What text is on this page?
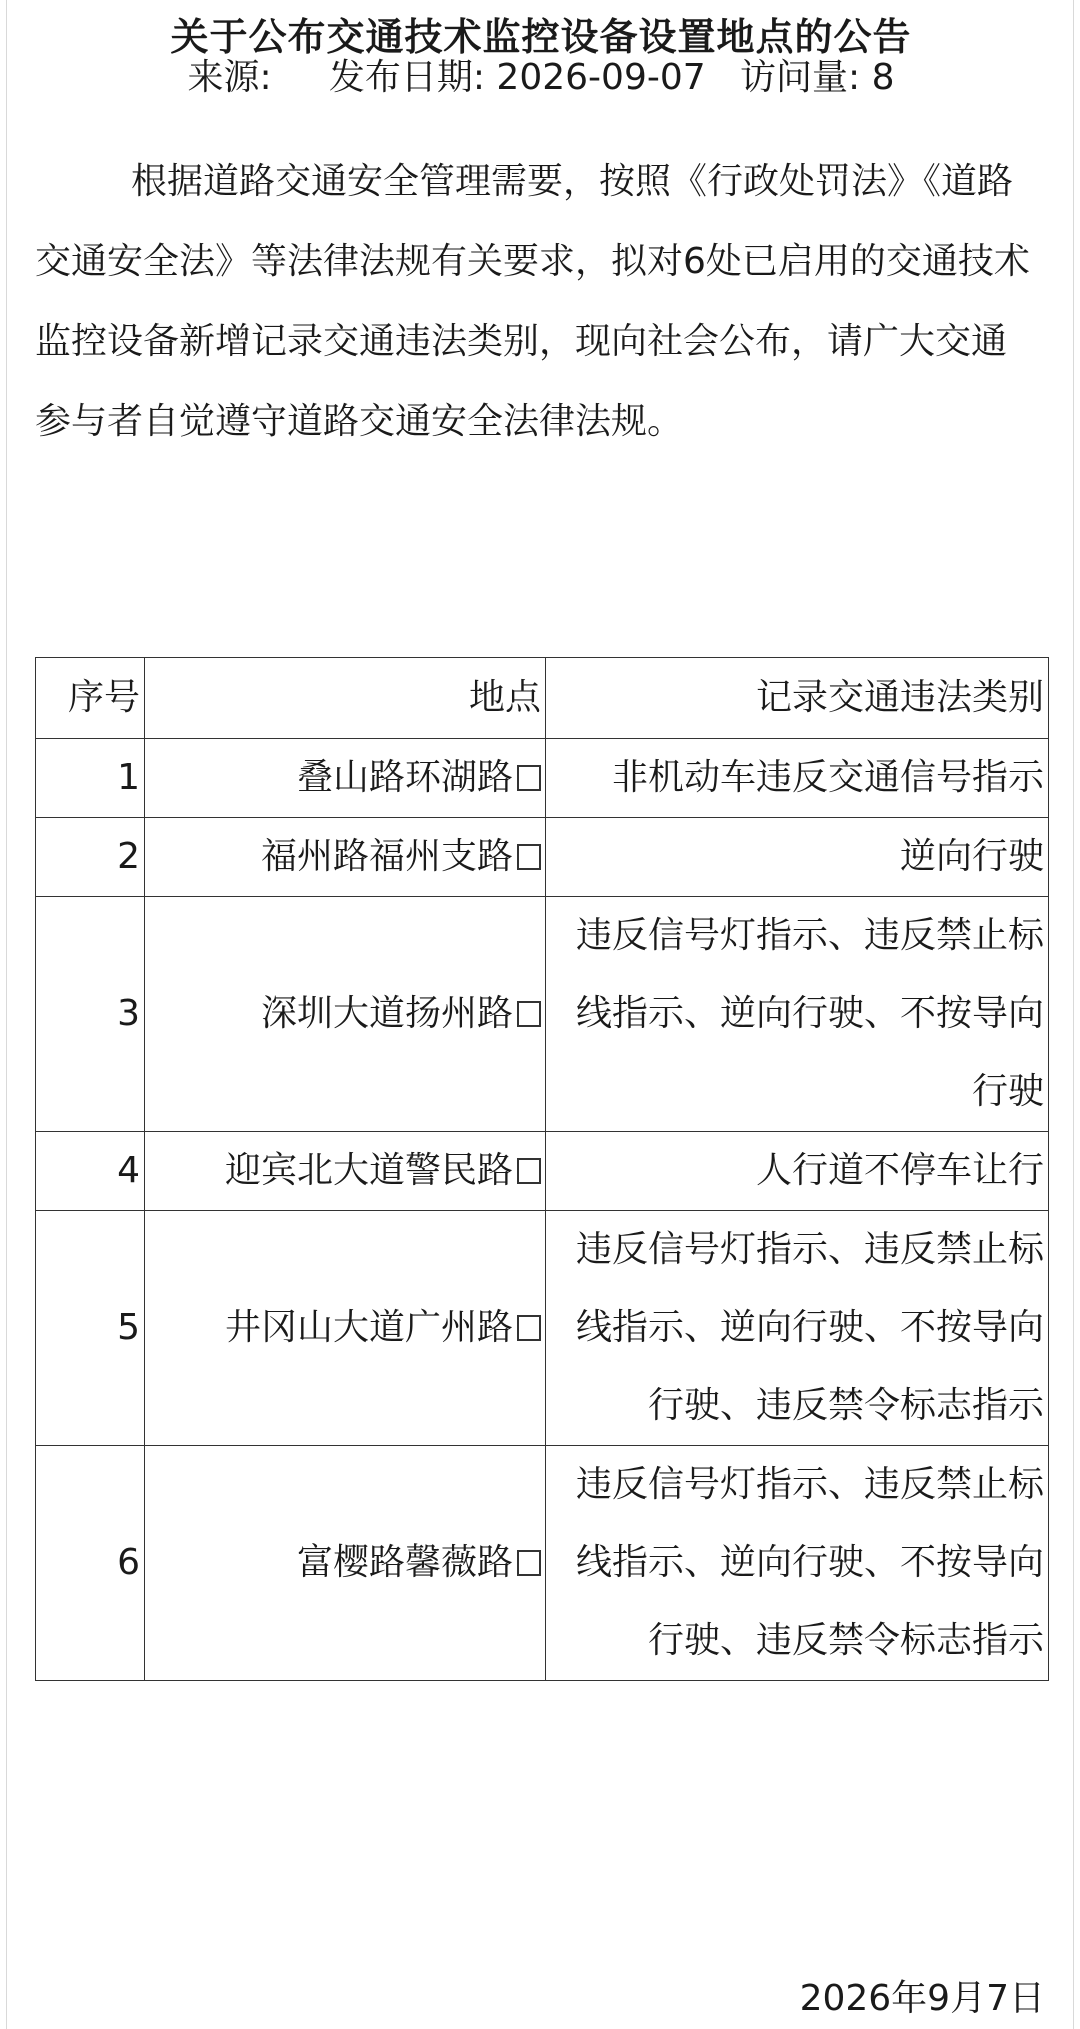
关于公布交通技术监控设备设置地点的公告
来源: 发布日期: 2026-09-07 访问量: 8

根据道路交通安全管理需要，按照《行政处罚法》《道路交通安全法》等法律法规有关要求，拟对6处已启用的交通技术监控设备新增记录交通违法类别，现向社会公布，请广大交通参与者自觉遵守道路交通安全法律法规。

序号	地点	记录交通违法类别
1	叠山路环湖路	非机动车违反交通信号指示
2	福州路福州支路	逆向行驶
3	深圳大道扬州路	违反信号灯指示、违反禁止标线指示、逆向行驶、不按导向行驶
4	迎宾北大道警民路	人行道不停车让行
5	井冈山大道广州路	违反信号灯指示、违反禁止标线指示、逆向行驶、不按导向行驶、违反禁令标志指示
6	富樱路馨薇路	违反信号灯指示、违反禁止标线指示、逆向行驶、不按导向行驶、违反禁令标志指示
2026年9月7日
